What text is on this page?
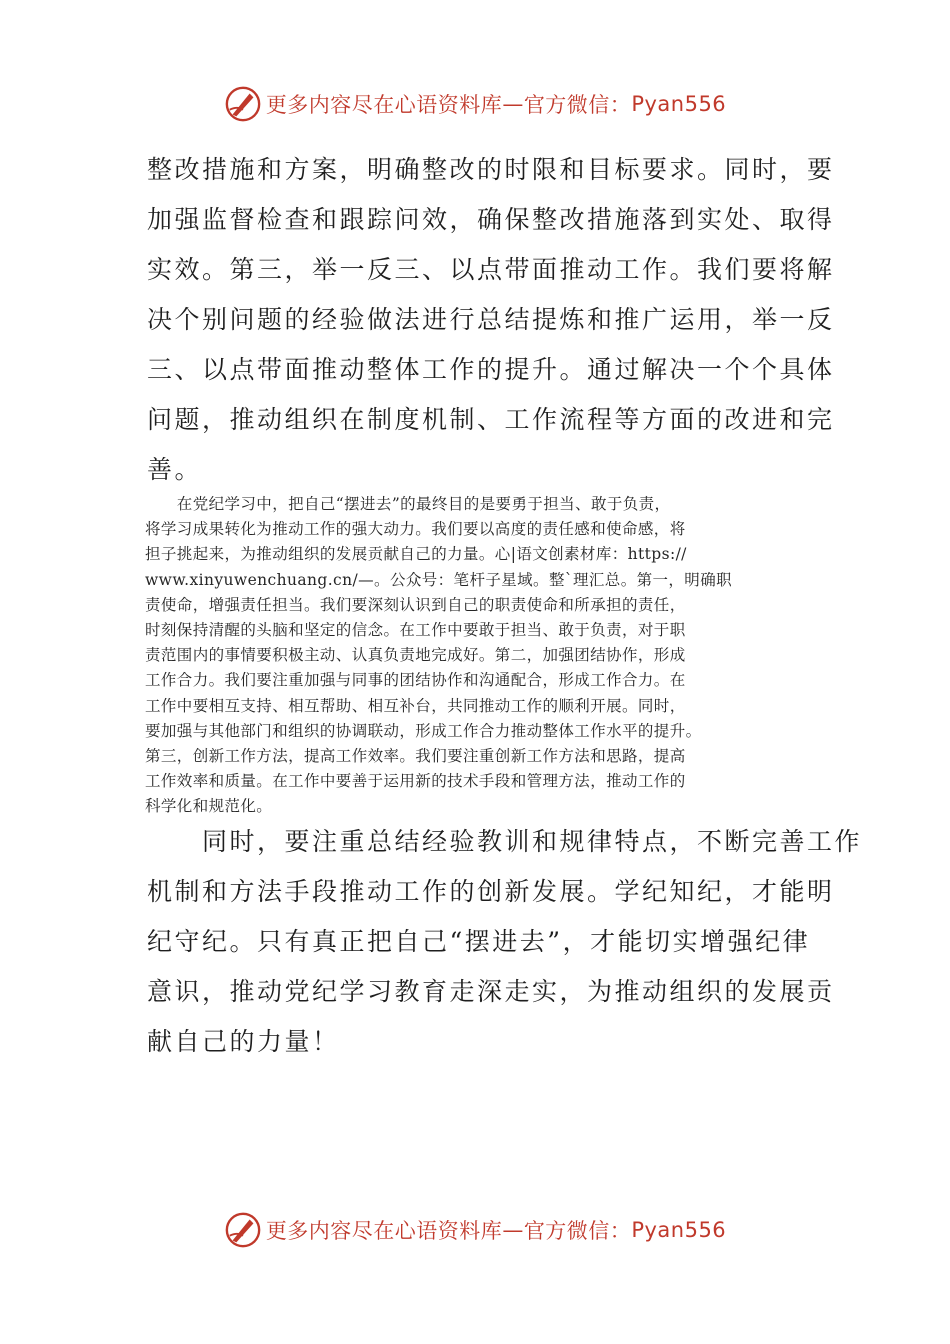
更多内容尽在心语资料库 — 官方微信： Pyan556
整改措施和方案，明确整改的时限和目标要求。同时，要
加强监督检查和跟踪问效，确保整改措施落到实处、取得
实效。第三，举一反三、以点带面推动工作。我们要将解
决个别问题的经验做法进行总结提炼和推广运用，举一反
三、以点带面推动整体工作的提升。通过解决一个个具体
问题，推动组织在制度机制、工作流程等方面的改进和完
善。
　　在党纪学习中，把自己“摆进去”的最终目的是要勇于担当、敢于负责，
将学习成果转化为推动工作的强大动力。我们要以高度的责任感和使命感，将
担子挑起来，为推动组织的发展贡献自己的力量。心|语文创素材库：https://
www.xinyuwenchuang.cn/—。公众号：笔杆子星域。整`理汇总。第一，明确职
责使命，增强责任担当。我们要深刻认识到自己的职责使命和所承担的责任，
时刻保持清醒的头脑和坚定的信念。在工作中要敢于担当、敢于负责，对于职
责范围内的事情要积极主动、认真负责地完成好。第二，加强团结协作，形成
工作合力。我们要注重加强与同事的团结协作和沟通配合，形成工作合力。在
工作中要相互支持、相互帮助、相互补台，共同推动工作的顺利开展。同时，
要加强与其他部门和组织的协调联动，形成工作合力推动整体工作水平的提升。
第三，创新工作方法，提高工作效率。我们要注重创新工作方法和思路，提高
工作效率和质量。在工作中要善于运用新的技术手段和管理方法，推动工作的
科学化和规范化。
　　同时，要注重总结经验教训和规律特点，不断完善工作
机制和方法手段推动工作的创新发展。学纪知纪，才能明
纪守纪。只有真正把自己“摆进去”，才能切实增强纪律
意识，推动党纪学习教育走深走实，为推动组织的发展贡
献自己的力量！
更多内容尽在心语资料库 — 官方微信： Pyan556
